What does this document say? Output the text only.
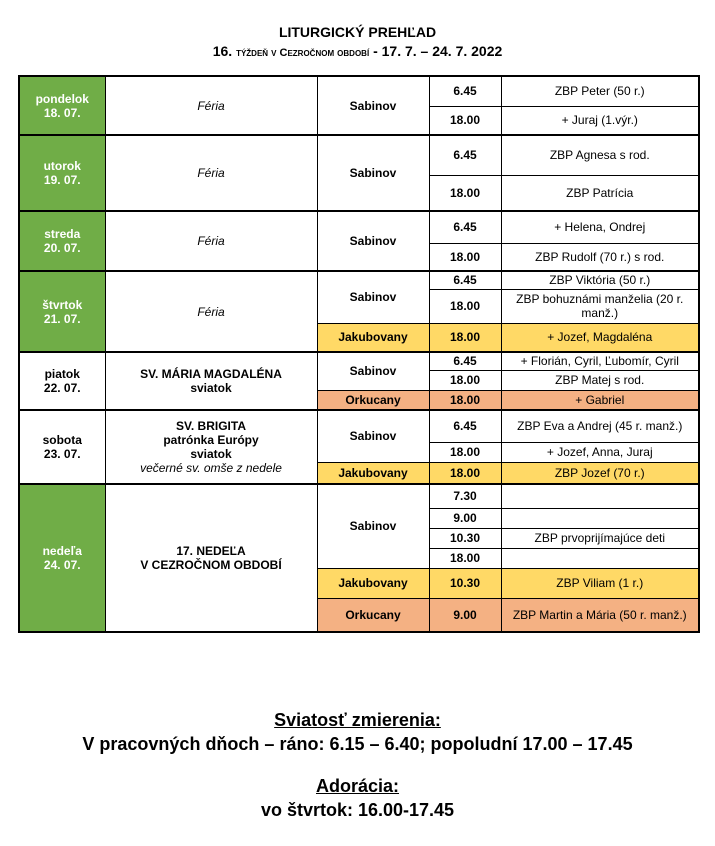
LITURGICKÝ PREHĽAD
16. týždeň v Cezročnom období - 17. 7. – 24. 7. 2022
pondelok
18. 07.	Féria	Sabinov	6.45	ZBP Peter (50 r.)
			18.00	+ Juraj (1.výr.)

utorok
19. 07.	Féria	Sabinov	6.45	ZBP Agnesa s rod.
			18.00	ZBP Patrícia

streda
20. 07.	Féria	Sabinov	6.45	+ Helena, Ondrej
			18.00	ZBP Rudolf (70 r.) s rod.

štvrtok
21. 07.	Féria	Sabinov	6.45	ZBP Viktória (50 r.)
			18.00	ZBP bohuznámi manželia (20 r. manž.)
		Jakubovany	18.00	+ Jozef, Magdaléna

piatok
22. 07.	SV. MÁRIA MAGDALÉNA
sviatok	Sabinov	6.45	+ Florián, Cyril, Ľubomír, Cyril
			18.00	ZBP Matej s rod.
		Orkucany	18.00	+ Gabriel

sobota
23. 07.	SV. BRIGITA
patrónka Európy
sviatok
večerné sv. omše z nedele	Sabinov	6.45	ZBP Eva a Andrej (45 r. manž.)
			18.00	+ Jozef, Anna, Juraj
		Jakubovany	18.00	ZBP Jozef (70 r.)

nedeľa
24. 07.	17. NEDEĽA
V CEZROČNOM OBDOBÍ	Sabinov	7.30	
			9.00	
			10.30	ZBP prvoprijímajúce deti
			18.00	
		Jakubovany	10.30	ZBP Viliam (1 r.)
		Orkucany	9.00	ZBP Martin a Mária (50 r. manž.)
Sviatosť zmierenia:
V pracovných dňoch – ráno: 6.15 – 6.40; popoludní 17.00 – 17.45
Adorácia:
vo štvrtok: 16.00-17.45
